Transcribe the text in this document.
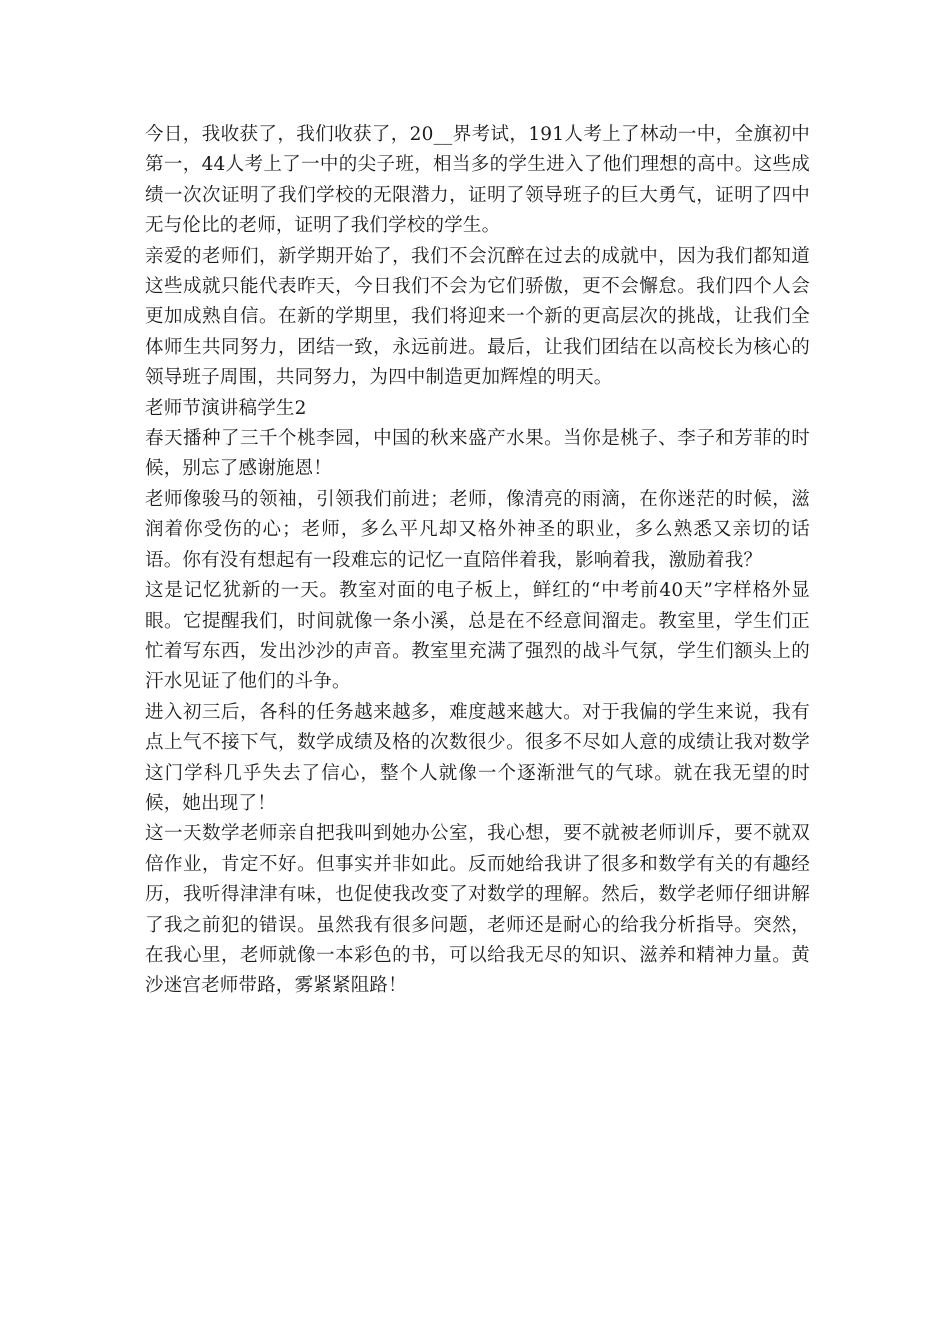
今日，我收获了，我们收获了，20__界考试，191人考上了林动一中，全旗初中第一，44人考上了一中的尖子班，相当多的学生进入了他们理想的高中。这些成绩一次次证明了我们学校的无限潜力，证明了领导班子的巨大勇气，证明了四中无与伦比的老师，证明了我们学校的学生。

亲爱的老师们，新学期开始了，我们不会沉醉在过去的成就中，因为我们都知道这些成就只能代表昨天，今日我们不会为它们骄傲，更不会懈怠。我们四个人会更加成熟自信。在新的学期里，我们将迎来一个新的更高层次的挑战，让我们全体师生共同努力，团结一致，永远前进。最后，让我们团结在以高校长为核心的领导班子周围，共同努力，为四中制造更加辉煌的明天。

老师节演讲稿学生2

春天播种了三千个桃李园，中国的秋来盛产水果。当你是桃子、李子和芳菲的时候，别忘了感谢施恩！

老师像骏马的领袖，引领我们前进；老师，像清亮的雨滴，在你迷茫的时候，滋润着你受伤的心；老师，多么平凡却又格外神圣的职业，多么熟悉又亲切的话语。你有没有想起有一段难忘的记忆一直陪伴着我，影响着我，激励着我？

这是记忆犹新的一天。教室对面的电子板上，鲜红的“中考前40天”字样格外显眼。它提醒我们，时间就像一条小溪，总是在不经意间溜走。教室里，学生们正忙着写东西，发出沙沙的声音。教室里充满了强烈的战斗气氛，学生们额头上的汗水见证了他们的斗争。

进入初三后，各科的任务越来越多，难度越来越大。对于我偏的学生来说，我有点上气不接下气，数学成绩及格的次数很少。很多不尽如人意的成绩让我对数学这门学科几乎失去了信心，整个人就像一个逐渐泄气的气球。就在我无望的时候，她出现了！

这一天数学老师亲自把我叫到她办公室，我心想，要不就被老师训斥，要不就双倍作业，肯定不好。但事实并非如此。反而她给我讲了很多和数学有关的有趣经历，我听得津津有味，也促使我改变了对数学的理解。然后，数学老师仔细讲解了我之前犯的错误。虽然我有很多问题，老师还是耐心的给我分析指导。突然，在我心里，老师就像一本彩色的书，可以给我无尽的知识、滋养和精神力量。黄沙迷宫老师带路，雾紧紧阻路！
